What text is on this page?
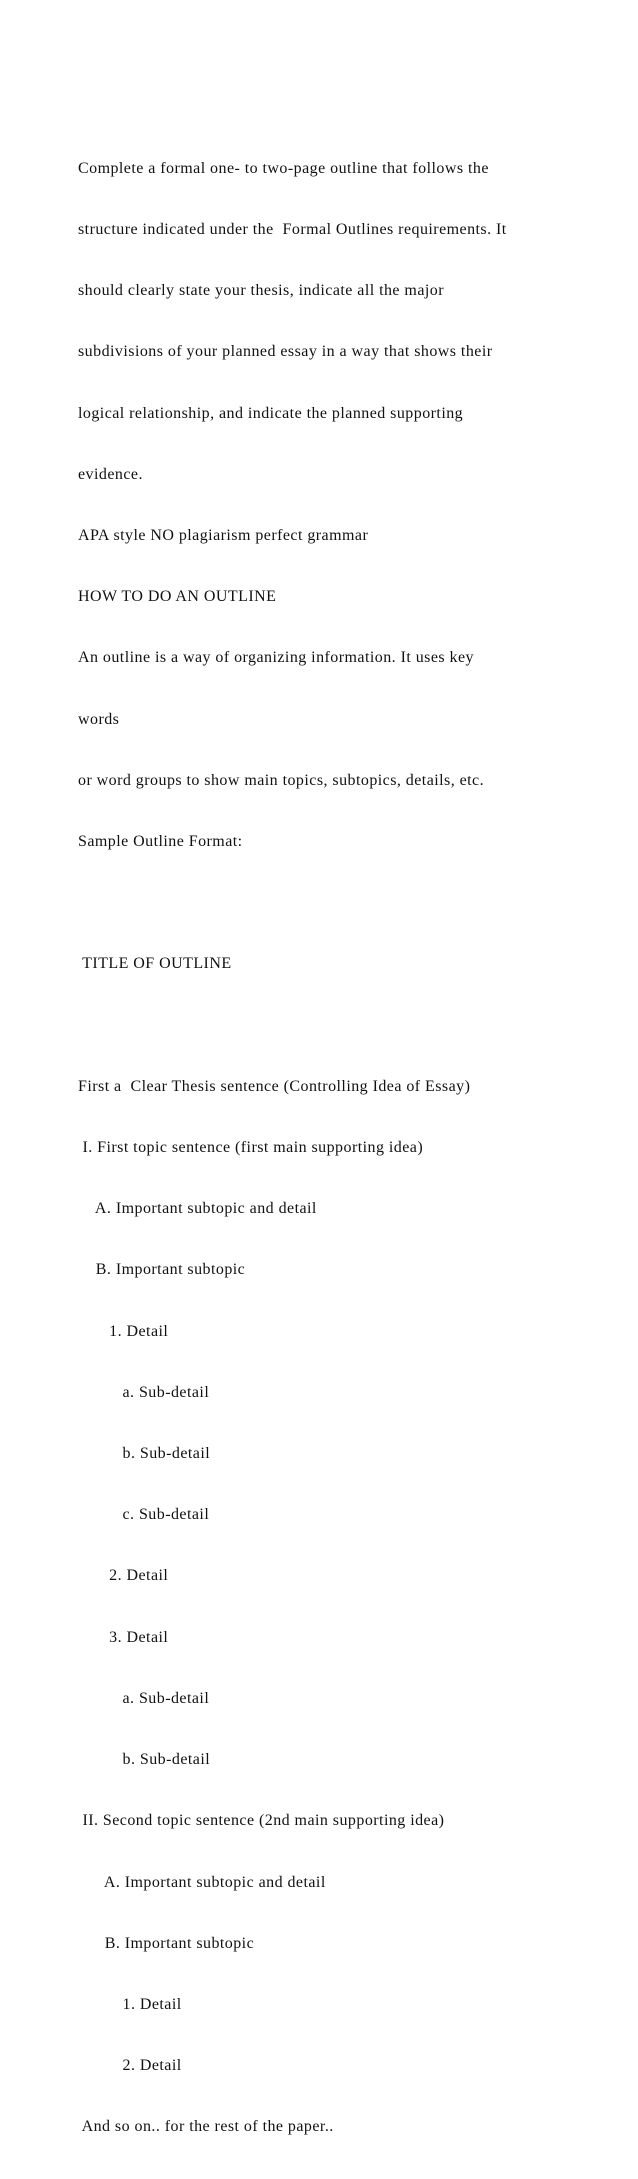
Complete a formal one- to two-page outline that follows the

structure indicated under the  Formal Outlines requirements. It

should clearly state your thesis, indicate all the major

subdivisions of your planned essay in a way that shows their

logical relationship, and indicate the planned supporting

evidence.

APA style NO plagiarism perfect grammar

HOW TO DO AN OUTLINE

An outline is a way of organizing information. It uses key

words

or word groups to show main topics, subtopics, details, etc.

Sample Outline Format:

TITLE OF OUTLINE

First a  Clear Thesis sentence (Controlling Idea of Essay)

I. First topic sentence (first main supporting idea)

A. Important subtopic and detail

B. Important subtopic

1. Detail

a. Sub-detail

b. Sub-detail

c. Sub-detail

2. Detail

3. Detail

a. Sub-detail

b. Sub-detail

II. Second topic sentence (2nd main supporting idea)

A. Important subtopic and detail

B. Important subtopic

1. Detail

2. Detail

And so on.. for the rest of the paper..
